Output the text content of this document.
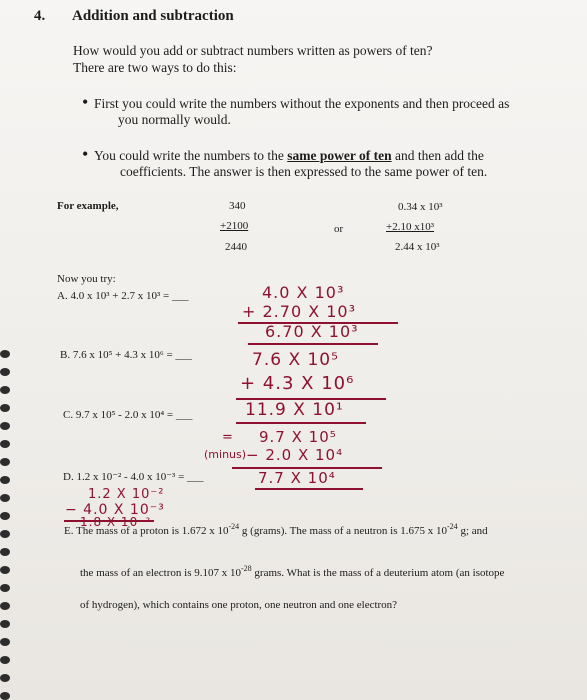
4. Addition and subtraction
How would you add or subtract numbers written as powers of ten?
There are two ways to do this:
• First you could write the numbers without the exponents and then proceed as
you normally would.
• You could write the numbers to the same power of ten and then add the
coefficients. The answer is then expressed to the same power of ten.
For example,	340
+2100
2440
or
0.34 x 10³
+2.10 x10³
2.44 x 10³
Now you try:
A. 4.0 x 10³ + 2.7 x 10³ = ___
B. 7.6 x 10⁵ + 4.3 x 10⁶ = ___
C. 9.7 x 10⁵ - 2.0 x 10⁴ = ___
D. 1.2 x 10⁻² - 4.0 x 10⁻³ = ___
4.0 X 10³
+ 2.70 X 10³
6.70 X 10³
7.6 X 10⁵
+ 4.3 X 10⁶
11.9 X 10¹
= 9.7 X 10⁵
(minus) − 2.0 X 10⁴
7.7 X 10⁴
1.2 X 10⁻²
− 4.0 X 10⁻³
1.8 X 10⁻²
E. The mass of a proton is 1.672 x $10^{-24}$ g (grams). The mass of a neutron is 1.675 x $10^{-24}$ g; and
the mass of an electron is 9.107 x $10^{-28}$ grams. What is the mass of a deuterium atom (an isotope
of hydrogen), which contains one proton, one neutron and one electron?
